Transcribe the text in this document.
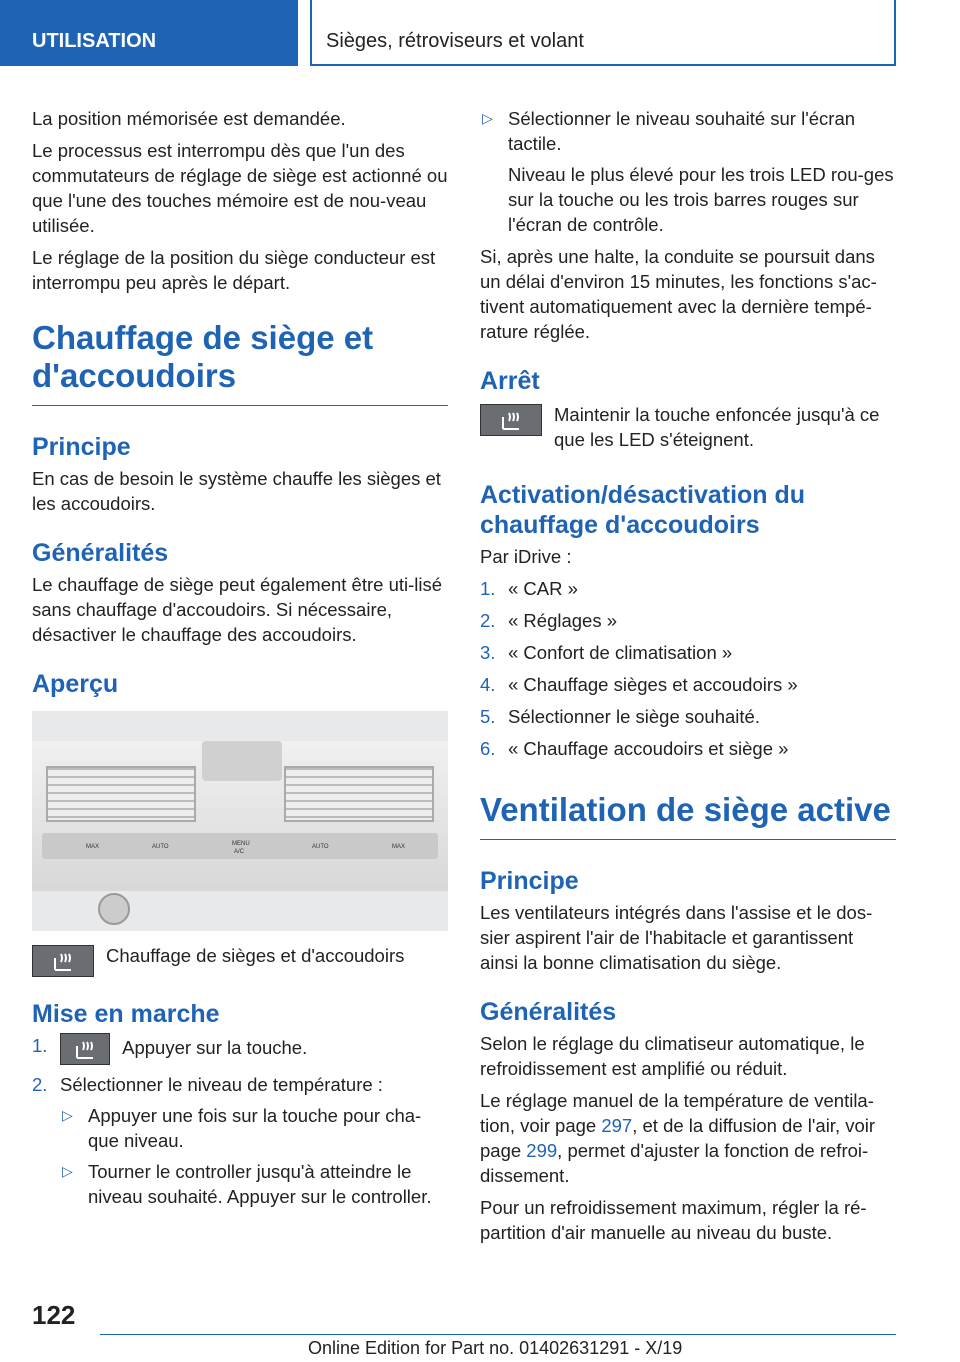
UTILISATION	Sièges, rétroviseurs et volant

La position mémorisée est demandée.

Le processus est interrompu dès que l'un des commutateurs de réglage de siège est actionné ou que l'une des touches mémoire est de nou-veau utilisée.

Le réglage de la position du siège conducteur est interrompu peu après le départ.

Chauffage de siège et d'accoudoirs
Principe

En cas de besoin le système chauffe les sièges et les accoudoirs.

Généralités

Le chauffage de siège peut également être uti-lisé sans chauffage d'accoudoirs. Si nécessaire, désactiver le chauffage des accoudoirs.

Aperçu
MAX	AUTO	MENU
A/C
AUTO	MAX
Chauffage de sièges et d'accoudoirs
Mise en marche
1.	Appuyer sur la touche.
2. Sélectionner le niveau de température :
▷ Appuyer une fois sur la touche pour cha-que niveau.
▷ Tourner le controller jusqu'à atteindre le niveau souhaité. Appuyer sur le controller.
▷ Sélectionner le niveau souhaité sur l'écran tactile.

Niveau le plus élevé pour les trois LED rou-ges sur la touche ou les trois barres rouges sur l'écran de contrôle.

Si, après une halte, la conduite se poursuit dans un délai d'environ 15 minutes, les fonctions s'ac-tivent automatiquement avec la dernière tempé-rature réglée.

Arrêt
Maintenir la touche enfoncée jusqu'à ce que les LED s'éteignent.
Activation/désactivation du chauffage d'accoudoirs

Par iDrive :

1. « CAR »
2. « Réglages »
3. « Confort de climatisation »
4. « Chauffage sièges et accoudoirs »
5. Sélectionner le siège souhaité.
6. « Chauffage accoudoirs et siège »
Ventilation de siège active
Principe

Les ventilateurs intégrés dans l'assise et le dos-sier aspirent l'air de l'habitacle et garantissent ainsi la bonne climatisation du siège.

Généralités

Selon le réglage du climatiseur automatique, le refroidissement est amplifié ou réduit.

Le réglage manuel de la température de ventila-tion, voir page 297, et de la diffusion de l'air, voir page 299, permet d'ajuster la fonction de refroi-dissement.

Pour un refroidissement maximum, régler la ré-partition d'air manuelle au niveau du buste.

122
Online Edition for Part no. 01402631291 - X/19
